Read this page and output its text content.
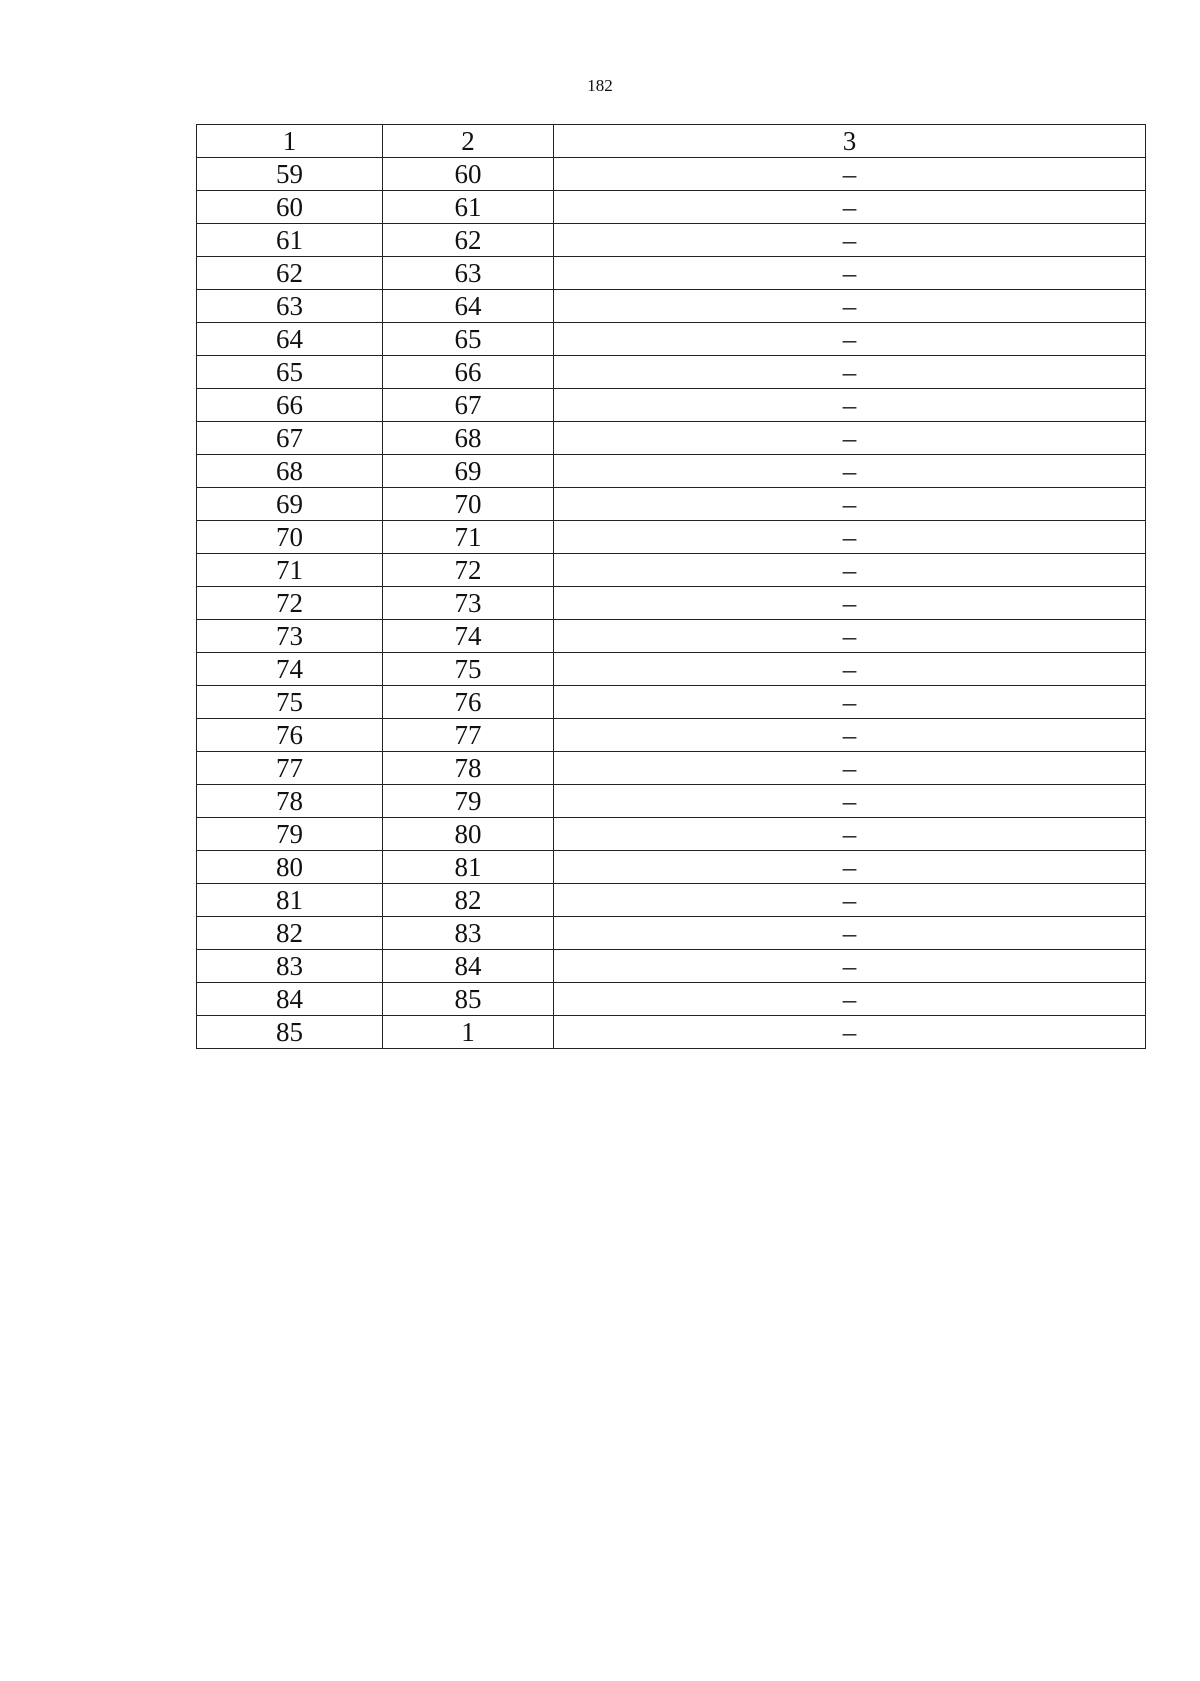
182
1	2	3
59	60	–
60	61	–
61	62	–
62	63	–
63	64	–
64	65	–
65	66	–
66	67	–
67	68	–
68	69	–
69	70	–
70	71	–
71	72	–
72	73	–
73	74	–
74	75	–
75	76	–
76	77	–
77	78	–
78	79	–
79	80	–
80	81	–
81	82	–
82	83	–
83	84	–
84	85	–
85	1	–
